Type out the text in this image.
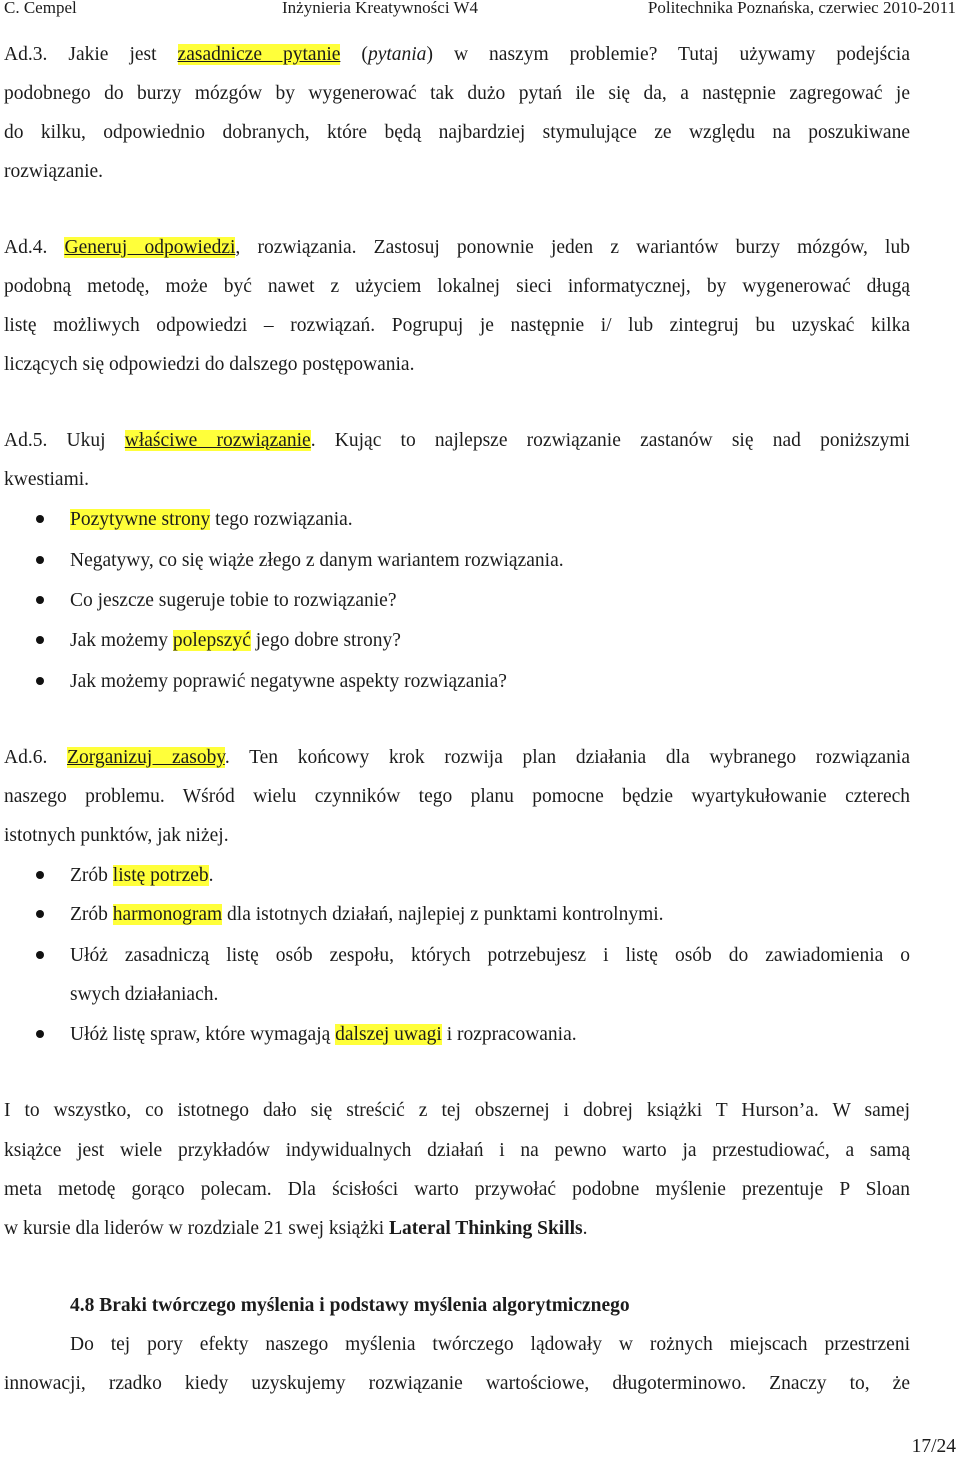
C. Cempel	Inżynieria Kreatywności W4	Politechnika Poznańska, czerwiec 2010-2011

Ad.3. Jakie jest zasadnicze pytanie (pytania) w naszym problemie? Tutaj używamy podejścia

podobnego do burzy mózgów by wygenerować tak dużo pytań ile się da, a następnie zagregować je

do kilku, odpowiednio dobranych, które będą najbardziej stymulujące ze względu na poszukiwane

rozwiązanie.

Ad.4. Generuj odpowiedzi, rozwiązania. Zastosuj ponownie jeden z wariantów burzy mózgów, lub

podobną metodę, może być nawet z użyciem lokalnej sieci informatycznej, by wygenerować długą

listę możliwych odpowiedzi – rozwiązań. Pogrupuj je następnie i/ lub zintegruj bu uzyskać kilka

liczących się odpowiedzi do dalszego postępowania.

Ad.5. Ukuj właściwe rozwiązanie. Kując to najlepsze rozwiązanie zastanów się nad poniższymi

kwestiami.

Pozytywne strony tego rozwiązania.

Negatywy, co się wiąże złego z danym wariantem rozwiązania.

Co jeszcze sugeruje tobie to rozwiązanie?

Jak możemy polepszyć jego dobre strony?

Jak możemy poprawić negatywne aspekty rozwiązania?

Ad.6. Zorganizuj zasoby. Ten końcowy krok rozwija plan działania dla wybranego rozwiązania

naszego problemu. Wśród wielu czynników tego planu pomocne będzie wyartykułowanie czterech

istotnych punktów, jak niżej.

Zrób listę potrzeb.

Zrób harmonogram dla istotnych działań, najlepiej z punktami kontrolnymi.

Ułóż zasadniczą listę osób zespołu, których potrzebujesz i listę osób do zawiadomienia o

swych działaniach.

Ułóż listę spraw, które wymagają dalszej uwagi i rozpracowania.

I to wszystko, co istotnego dało się streścić z tej obszernej i dobrej książki T Hurson’a. W samej

książce jest wiele przykładów indywidualnych działań i na pewno warto ja przestudiować, a samą

meta metodę gorąco polecam. Dla ścisłości warto przywołać podobne myślenie prezentuje P Sloan

w kursie dla liderów w rozdziale 21 swej książki Lateral Thinking Skills.

4.8 Braki twórczego myślenia i podstawy myślenia algorytmicznego

Do tej pory efekty naszego myślenia twórczego lądowały w rożnych miejscach przestrzeni

innowacji, rzadko kiedy uzyskujemy rozwiązanie wartościowe, długoterminowo. Znaczy to, że

17/24
